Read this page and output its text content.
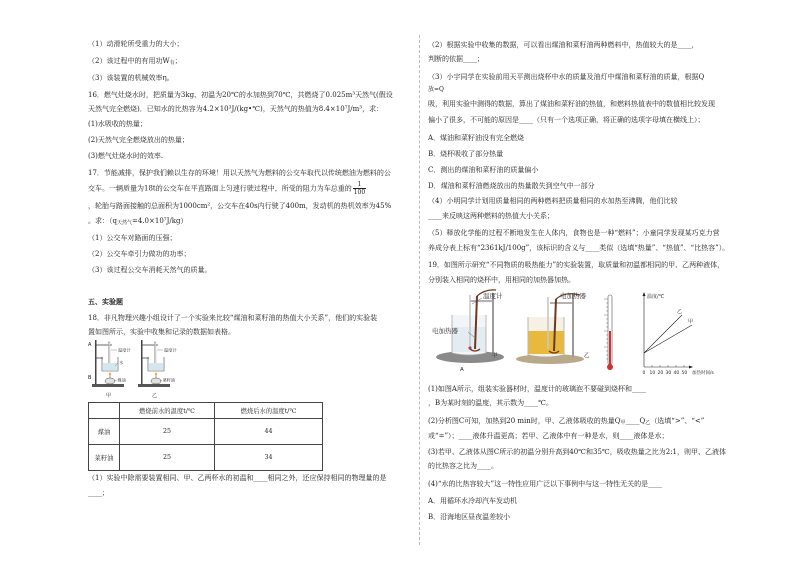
（1）动滑轮所受重力的大小；
（2）该过程中的有用功W有；
（3）该装置的机械效率η。
16．燃气灶烧水时，把质量为3kg、初温为20℃的水加热到70℃，共燃烧了0.025m³天然气(假设
天然气完全燃烧)．已知水的比热容为4.2×10³J/(kg•℃)，天然气的热值为8.4×10⁷J/m³，求：
(1)水吸收的热量；
(2)天然气完全燃烧放出的热量；
(3)燃气灶烧水时的效率.
17．节能减排，保护我们赖以生存的环境！用以天然气为燃料的公交车取代以传统燃油为燃料的公
交车。一辆质量为18t的公交车在平直路面上匀速行驶过程中，所受的阻力为车总重的 $\frac{1}{100}$
，轮胎与路面接触的总面积为1000cm²，公交车在40s内行驶了400m，发动机的热机效率为45%
。求：（q天然气=4.0×10⁷J/kg）
（1）公交车对路面的压强；
（2）公交车牵引力做功的功率；
（3）该过程公交车消耗天然气的质量。
五、实验题
18．非凡物理兴趣小组设计了一个实验来比较“煤油和菜籽油的热值大小关系”，他们的实验装
置如图所示，实验中收集和记录的数据如表格。
A
B
温度计
水
煤油
温度计
菜籽油
甲	乙
	燃烧前水的温度t/℃	燃烧后水的温度t/℃
煤油	25	44
菜籽油	25	34
（1）实验中除需要装置相同、甲、乙两杯水的初温和____相同之外，还应保持相同的物理量的是
____；
（2）根据实验中收集的数据，可以看出煤油和菜籽油两种燃料中，热值较大的是____，
判断的依据____；
（3）小宇同学在实验前用天平测出烧杯中水的质量及油灯中煤油和菜籽油的质量，根据Q
放=Q
吸，利用实验中测得的数据，算出了煤油和菜籽油的热值，和燃料热值表中的数值相比较发现
偏小了很多，不可能的原因是____（只有一个选项正确，将正确的选项字母填在横线上）；
A．煤油和菜籽油没有完全燃烧
B．烧杯吸收了部分热量
C．测出的煤油和菜籽油的质量偏小
D．煤油和菜籽油燃烧放出的热量散失到空气中一部分
（4）小明同学计划用质量相同的两种燃料把质量相同的水加热至沸腾，他们比较
____来反映这两种燃料的热值大小关系；
（5）释放化学能的过程不断地发生在人体内，食物也是一种“燃料”；小童同学发现某巧克力营
养成分表上标有“2361kJ/100g”，该标识的含义与____类似（选填“热量”、“热值”、“比热容”）。
19．如图所示研究“不同物质的吸热能力”的实验装置，取质量和初温都相同的甲、乙两种液体，
分别装入相同的烧杯中，用相同的加热器加热。
温度/℃
乙
甲
0 10 20 30 40 50 加热时间/s
温度计
电加热器
电加热器
甲	乙
A
(1)如图A所示，组装实验器材时，温度计的玻璃泡不要碰到烧杯和____
，B为某时刻的温度，其示数为____℃。
(2)分析图C可知，加热到20 min时，甲、乙液体吸收的热量Q甲____Q乙（选填“>”、“<”
或“=”）；____液体升温更高；若甲、乙液体中有一种是水，则____液体是水；
(3)若甲、乙液体从图C所示的初温分别升高到40℃和35℃，吸收热量之比为2:1，则甲、乙液体
的比热容之比为____。
(4)“水的比热容较大”这一特性应用广泛以下事例中与这一特性无关的是____
A．用循环水冷却汽车发动机
B．沿海地区昼夜温差较小
